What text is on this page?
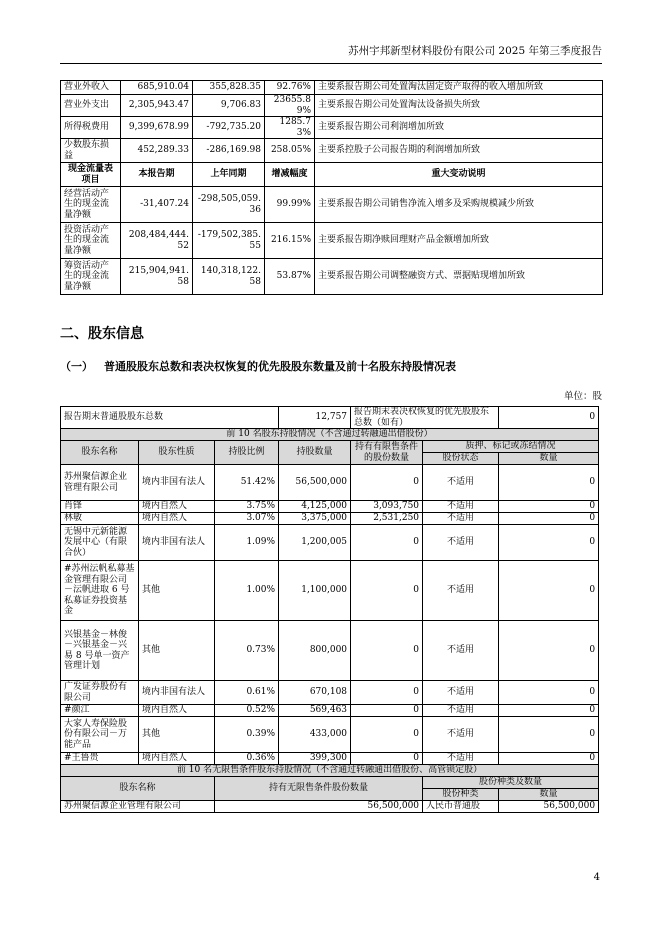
苏州宇邦新型材料股份有限公司 2025 年第三季度报告
营业外收入	685,910.04	355,828.35	92.76%	主要系报告期公司处置淘汰固定资产取得的收入增加所致
营业外支出	2,305,943.47	9,706.83	23655.89%	主要系报告期公司处置淘汰设备损失所致
所得税费用	9,399,678.99	-792,735.20	1285.73%	主要系报告期公司利润增加所致
少数股东损益	452,289.33	-286,169.98	258.05%	主要系控股子公司报告期的利润增加所致
现金流量表项目	本报告期	上年同期	增减幅度	重大变动说明
经营活动产生的现金流量净额	-31,407.24	-298,505,059.36	99.99%	主要系报告期公司销售净流入增多及采购规模减少所致
投资活动产生的现金流量净额	208,484,444.52	-179,502,385.55	216.15%	主要系报告期净赎回理财产品金额增加所致
筹资活动产生的现金流量净额	215,904,941.58	140,318,122.58	53.87%	主要系报告期公司调整融资方式、票据贴现增加所致
二、股东信息
（一） 普通股股东总数和表决权恢复的优先股股东数量及前十名股东持股情况表
单位：股
报告期末普通股股东总数			12,757	报告期末表决权恢复的优先股股东总数（如有）		0
前 10 名股东持股情况（不含通过转融通出借股份）						
股东名称	股东性质	持股比例	持股数量	持有有限售条件的股份数量	质押、标记或冻结情况	
					股份状态	数量
苏州聚信源企业管理有限公司	境内非国有法人	51.42%	56,500,000	0	不适用	0
肖锋	境内自然人	3.75%	4,125,000	3,093,750	不适用	0
林敏	境内自然人	3.07%	3,375,000	2,531,250	不适用	0
无锡中元新能源发展中心（有限合伙）	境内非国有法人	1.09%	1,200,005	0	不适用	0
#苏州沄帆私募基金管理有限公司－沄帆进取 6 号私募证券投资基金	其他	1.00%	1,100,000	0	不适用	0
兴银基金－林俊－兴银基金－兴易 8 号单一资产管理计划	其他	0.73%	800,000	0	不适用	0
广发证券股份有限公司	境内非国有法人	0.61%	670,108	0	不适用	0
#颜江	境内自然人	0.52%	569,463	0	不适用	0
大家人寿保险股份有限公司－万能产品	其他	0.39%	433,000	0	不适用	0
#王鲁贵	境内自然人	0.36%	399,300	0	不适用	0
前 10 名无限售条件股东持股情况（不含通过转融通出借股份、高管锁定股）						
股东名称		持有无限售条件股份数量			股份种类及数量	
					股份种类	数量
苏州聚信源企业管理有限公司		56,500,000			人民币普通股	56,500,000
4
